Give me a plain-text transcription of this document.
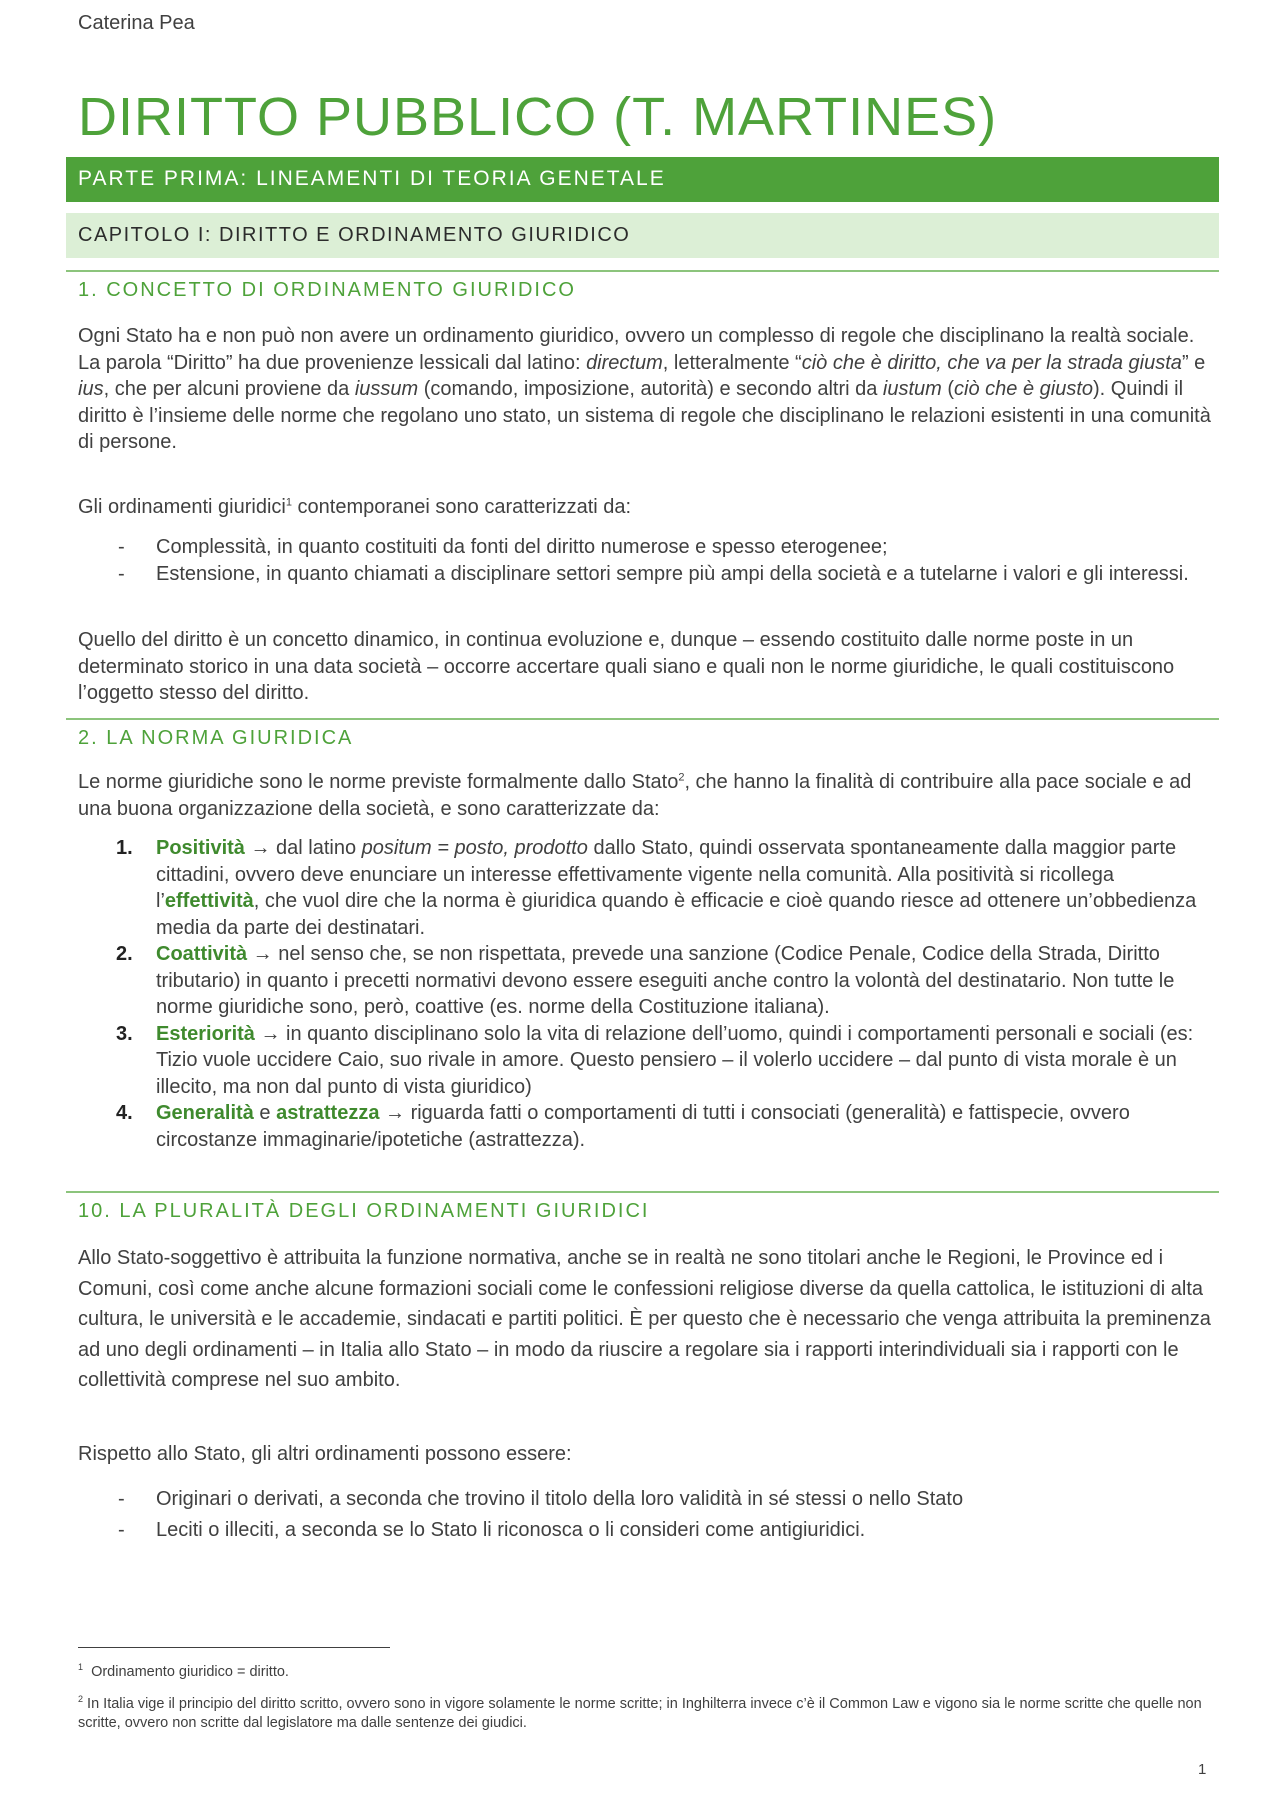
Caterina Pea
DIRITTO PUBBLICO (T. MARTINES)
PARTE PRIMA: LINEAMENTI DI TEORIA GENETALE
CAPITOLO I: DIRITTO E ORDINAMENTO GIURIDICO
1. CONCETTO DI ORDINAMENTO GIURIDICO

Ogni Stato ha e non può non avere un ordinamento giuridico, ovvero un complesso di regole che disciplinano la realtà sociale. La parola “Diritto” ha due provenienze lessicali dal latino: directum, letteralmente “ciò che è diritto, che va per la strada giusta” e ius, che per alcuni proviene da iussum (comando, imposizione, autorità) e secondo altri da iustum (ciò che è giusto). Quindi il diritto è l’insieme delle norme che regolano uno stato, un sistema di regole che disciplinano le relazioni esistenti in una comunità di persone.

Gli ordinamenti giuridici$^1$ contemporanei sono caratterizzati da:

- Complessità, in quanto costituiti da fonti del diritto numerose e spesso eterogenee;
- Estensione, in quanto chiamati a disciplinare settori sempre più ampi della società e a tutelarne i valori e gli interessi.

Quello del diritto è un concetto dinamico, in continua evoluzione e, dunque – essendo costituito dalle norme poste in un determinato storico in una data società – occorre accertare quali siano e quali non le norme giuridiche, le quali costituiscono l’oggetto stesso del diritto.

2. LA NORMA GIURIDICA

Le norme giuridiche sono le norme previste formalmente dallo Stato$^2$, che hanno la finalità di contribuire alla pace sociale e ad una buona organizzazione della società, e sono caratterizzate da:

1. Positività → dal latino positum = posto, prodotto dallo Stato, quindi osservata spontaneamente dalla maggior parte cittadini, ovvero deve enunciare un interesse effettivamente vigente nella comunità. Alla positività si ricollega l’effettività, che vuol dire che la norma è giuridica quando è efficacie e cioè quando riesce ad ottenere un’obbedienza media da parte dei destinatari.
2. Coattività → nel senso che, se non rispettata, prevede una sanzione (Codice Penale, Codice della Strada, Diritto tributario) in quanto i precetti normativi devono essere eseguiti anche contro la volontà del destinatario. Non tutte le norme giuridiche sono, però, coattive (es. norme della Costituzione italiana).
3. Esteriorità → in quanto disciplinano solo la vita di relazione dell’uomo, quindi i comportamenti personali e sociali (es: Tizio vuole uccidere Caio, suo rivale in amore. Questo pensiero – il volerlo uccidere – dal punto di vista morale è un illecito, ma non dal punto di vista giuridico)
4. Generalità e astrattezza → riguarda fatti o comportamenti di tutti i consociati (generalità) e fattispecie, ovvero circostanze immaginarie/ipotetiche (astrattezza).
10. LA PLURALITÀ DEGLI ORDINAMENTI GIURIDICI

Allo Stato-soggettivo è attribuita la funzione normativa, anche se in realtà ne sono titolari anche le Regioni, le Province ed i Comuni, così come anche alcune formazioni sociali come le confessioni religiose diverse da quella cattolica, le istituzioni di alta cultura, le università e le accademie, sindacati e partiti politici. È per questo che è necessario che venga attribuita la preminenza ad uno degli ordinamenti – in Italia allo Stato – in modo da riuscire a regolare sia i rapporti interindividuali sia i rapporti con le collettività comprese nel suo ambito.

Rispetto allo Stato, gli altri ordinamenti possono essere:

- Originari o derivati, a seconda che trovino il titolo della loro validità in sé stessi o nello Stato
- Leciti o illeciti, a seconda se lo Stato li riconosca o li consideri come antigiuridici.

$^1$ Ordinamento giuridico = diritto.

$^2$ In Italia vige il principio del diritto scritto, ovvero sono in vigore solamente le norme scritte; in Inghilterra invece c’è il Common Law e vigono sia le norme scritte che quelle non scritte, ovvero non scritte dal legislatore ma dalle sentenze dei giudici.

1
